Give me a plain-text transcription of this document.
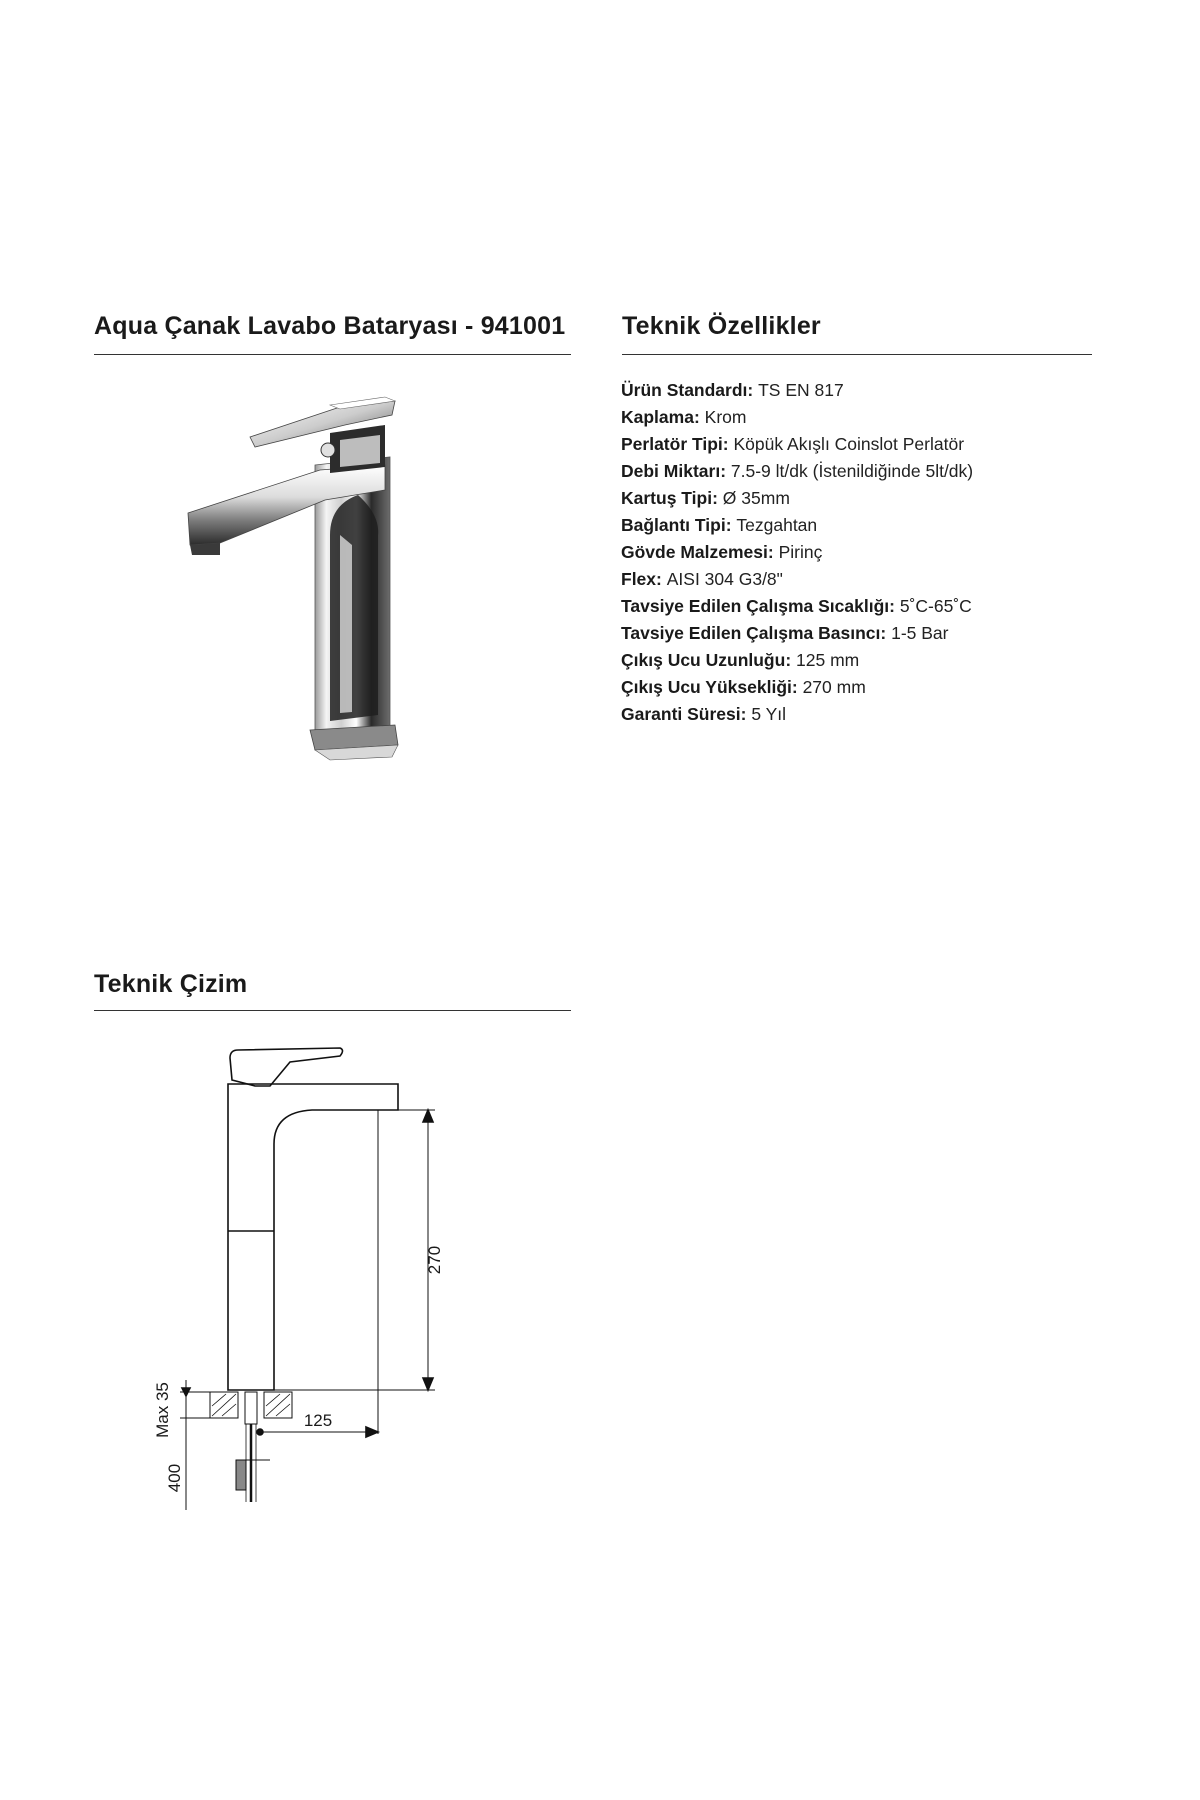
Aqua Çanak Lavabo Bataryası - 941001 Teknik Özellikler
Ürün Standardı: TS EN 817
Kaplama: Krom
Perlatör Tipi: Köpük Akışlı Coinslot Perlatör
Debi Miktarı: 7.5-9 lt/dk (İstenildiğinde 5lt/dk)
Kartuş Tipi: Ø 35mm
Bağlantı Tipi: Tezgahtan
Gövde Malzemesi: Pirinç
Flex: AISI 304 G3/8"
Tavsiye Edilen Çalışma Sıcaklığı: 5˚C-65˚C
Tavsiye Edilen Çalışma Basıncı: 1-5 Bar
Çıkış Ucu Uzunluğu: 125 mm
Çıkış Ucu Yüksekliği: 270 mm
Garanti Süresi: 5 Yıl
Teknik Çizim
270
125
Max 35
400
